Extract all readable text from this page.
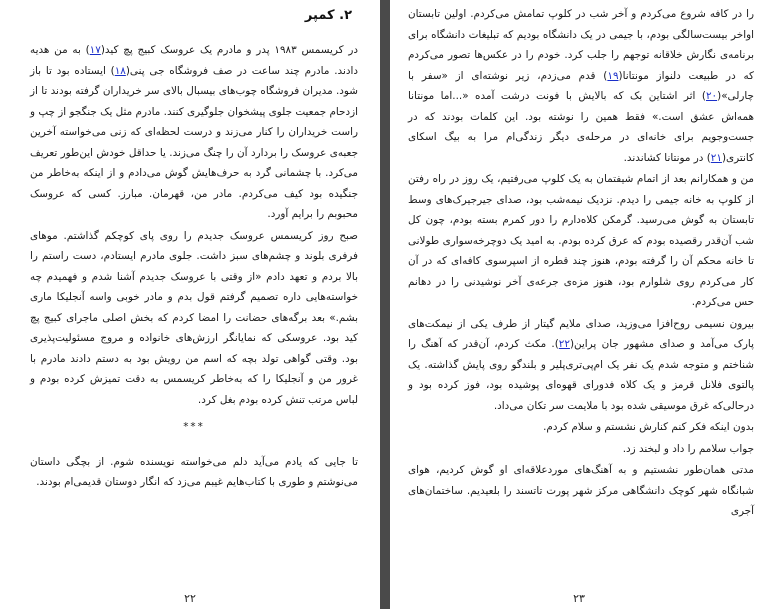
۲. کمپر

در کریسمس ۱۹۸۳ پدر و مادرم یک عروسک کبیج پچ کید(۱۷) به من هدیه دادند. مادرم چند ساعت در صف فروشگاه جی پنی(۱۸) ایستاده بود تا باز شود. مدیران فروشگاه چوب‌های بیسبال بالای سر خریداران گرفته بودند تا از ازدحام جمعیت جلوی پیشخوان جلوگیری کنند. مادرم مثل یک جنگجو از چپ و راست خریداران را کنار می‌زند و درست لحظه‌ای که زنی می‌خواسته آخرین جعبه‌ی عروسک را بردارد آن را چنگ می‌زند. یا حداقل خودش این‌طور تعریف می‌کرد. با چشمانی گرد به حرف‌هایش گوش می‌دادم و از اینکه به‌خاطر من جنگیده بود کیف می‌کردم. مادر من، قهرمان. مبارز. کسی که عروسک محبوبم را برایم آورد.

صبح روز کریسمس عروسک جدیدم را روی پای کوچکم گذاشتم. موهای فرفری بلوند و چشم‌های سبز داشت. جلوی مادرم ایستادم، دست راستم را بالا بردم و تعهد دادم «از وقتی با عروسک جدیدم آشنا شدم و فهمیدم چه خواسته‌هایی داره تصمیم گرفتم قول بدم و مادر خوبی واسه آنجلیکا ماری بشم.» بعد برگه‌های حضانت را امضا کردم که بخش اصلی ماجرای کبیج پچ کید بود. عروسکی که نمایانگر ارزش‌های خانواده و مروج مسئولیت‌پذیری بود. وقتی گواهی تولد بچه که اسم من رویش بود به دستم دادند مادرم با غرور من و آنجلیکا را که به‌خاطر کریسمس به دقت تمیزش کرده بودم و لباس مرتب تنش کرده بودم بغل کرد.

***

تا جایی که یادم می‌آید دلم می‌خواسته نویسنده شوم. از بچگی داستان می‌نوشتم و طوری با کتاب‌هایم غیبم می‌زد که انگار دوستان قدیمی‌ام بودند.

۲۲

را در کافه شروع می‌کردم و آخر شب در کلوپ تمامش می‌کردم. اولین تابستان اواخر بیست‌سالگی بودم، با جیمی در یک دانشگاه بودیم که تبلیغات دانشگاه برای برنامه‌ی نگارش خلاقانه توجهم را جلب کرد. خودم را در عکس‌ها تصور می‌کردم که در طبیعت دلنواز مونتانا(۱۹) قدم می‌زدم، زیر نوشته‌ای از «سفر با چارلی»(۲۰) اثر اشتاین بک که بالایش با فونت درشت آمده «...اما مونتانا همه‌اش عشق است.» فقط همین را نوشته بود. این کلمات بودند که در جست‌وجویم برای خانه‌ای در مرحله‌ی دیگر زندگی‌ام مرا به بیگ اسکای کانتری(۲۱) در مونتانا کشاندند.

من و همکارانم بعد از اتمام شیفتمان به یک کلوپ می‌رفتیم، یک روز در راه رفتن از کلوپ به خانه جیمی را دیدم. نزدیک نیمه‌شب بود، صدای جیرجیرک‌های وسط تابستان به گوش می‌رسید. گرمکن کلاه‌دارم را دور کمرم بسته بودم، چون کل شب آن‌قدر رقصیده بودم که عرق کرده بودم. به امید یک دوچرخه‌سواری طولانی تا خانه محکم آن را گرفته بودم، هنوز چند قطره از اسپرسوی کافه‌ای که در آن کار می‌کردم روی شلوارم بود، هنوز مزه‌ی جرعه‌ی آخر نوشیدنی را در دهانم حس می‌کردم.

بیرون نسیمی روح‌افزا می‌وزید، صدای ملایم گیتار از طرف یکی از نیمکت‌های پارک می‌آمد و صدای مشهور جان پراین(۲۲). مکث کردم، آن‌قدر که آهنگ را شناختم و متوجه شدم یک نفر یک ام‌پی‌تری‌پلیر و بلندگو روی پایش گذاشته. یک پالتوی فلانل قرمز و یک کلاه فدورای قهوه‌ای پوشیده بود، فوز کرده بود و درحالی‌که غرق موسیقی شده بود با ملایمت سر تکان می‌داد.

بدون اینکه فکر کنم کنارش نشستم و سلام کردم.

جواب سلامم را داد و لبخند زد.

مدتی همان‌طور نشستیم و به آهنگ‌های موردعلاقه‌ای او گوش کردیم، هوای شبانگاه شهر کوچک دانشگاهی مرکز شهر پورت تاتسند را بلعیدیم. ساختمان‌های آجری

۲۳
